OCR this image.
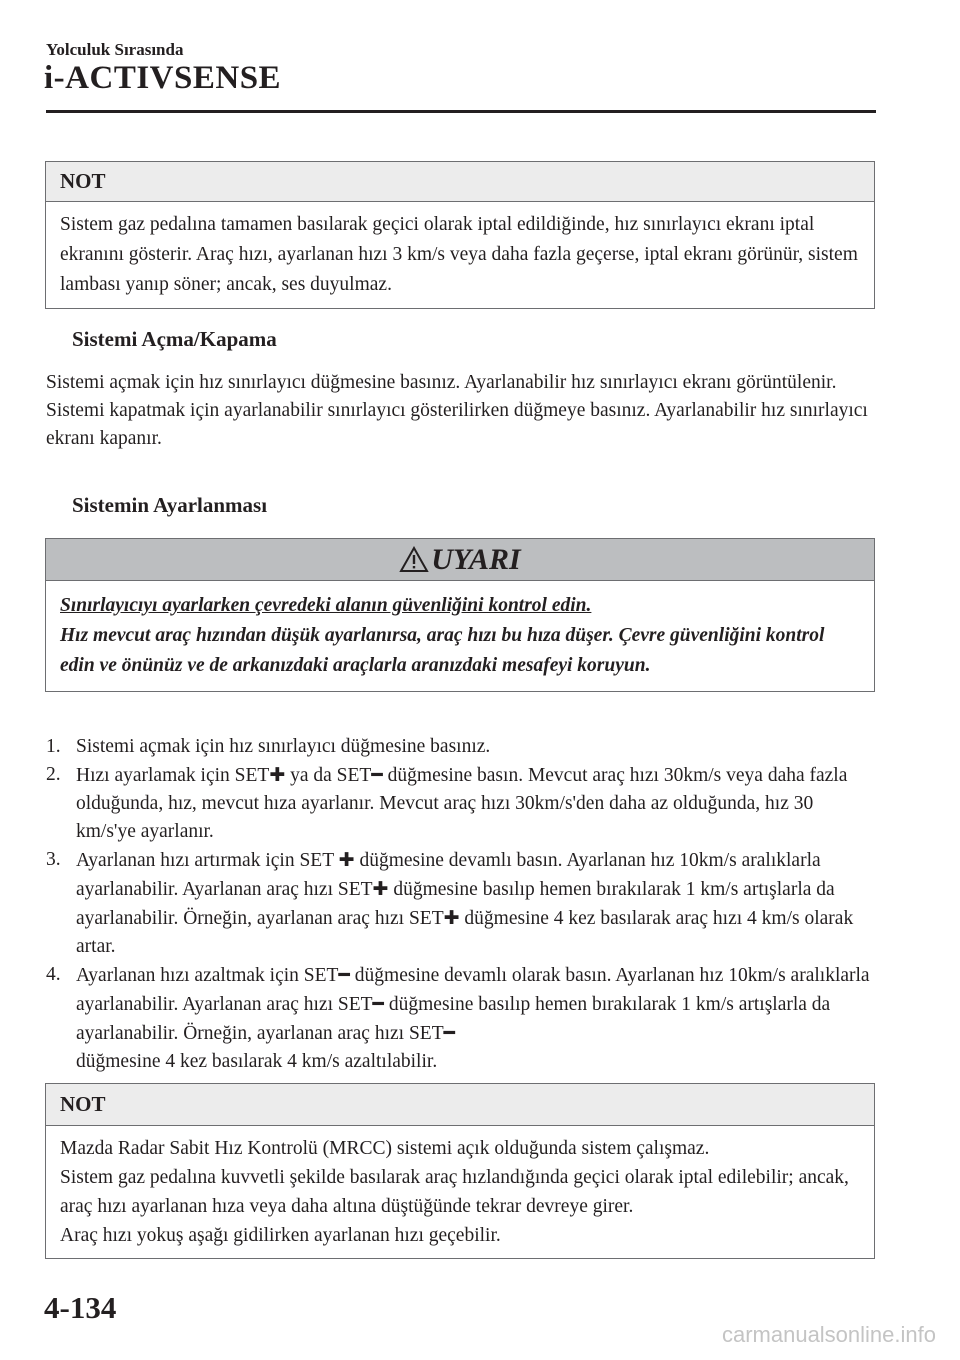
Yolculuk Sırasında
i-ACTIVSENSE
NOT

Sistem gaz pedalına tamamen basılarak geçici olarak iptal edildiğinde, hız sınırlayıcı ekranı iptal ekranını gösterir. Araç hızı, ayarlanan hızı 3 km/s veya daha fazla geçerse, iptal ekranı görünür, sistem lambası yanıp söner; ancak, ses duyulmaz.

Sistemi Açma/Kapama

Sistemi açmak için hız sınırlayıcı düğmesine basınız. Ayarlanabilir hız sınırlayıcı ekranı görüntülenir.

Sistemi kapatmak için ayarlanabilir sınırlayıcı gösterilirken düğmeye basınız. Ayarlanabilir hız sınırlayıcı ekranı kapanır.

Sistemin Ayarlanması
UYARI

Sınırlayıcıyı ayarlarken çevredeki alanın güvenliğini kontrol edin.

Hız mevcut araç hızından düşük ayarlanırsa, araç hızı bu hıza düşer. Çevre güvenliğini kontrol edin ve önünüz ve de arkanızdaki araçlarla aranızdaki mesafeyi koruyun.

1. Sistemi açmak için hız sınırlayıcı düğmesine basınız.
2. Hızı ayarlamak için SET✚ ya da SET━ düğmesine basın. Mevcut araç hızı 30km/s veya daha fazla olduğunda, hız, mevcut hıza ayarlanır. Mevcut araç hızı 30km/s'den daha az olduğunda, hız 30 km/s'ye ayarlanır.
3. Ayarlanan hızı artırmak için SET ✚ düğmesine devamlı basın. Ayarlanan hız 10km/s aralıklarla ayarlanabilir. Ayarlanan araç hızı SET✚ düğmesine basılıp hemen bırakılarak 1 km/s artışlarla da ayarlanabilir. Örneğin, ayarlanan araç hızı SET✚ düğmesine 4 kez basılarak araç hızı 4 km/s olarak artar.
4. Ayarlanan hızı azaltmak için SET━ düğmesine devamlı olarak basın. Ayarlanan hız 10km/s aralıklarla ayarlanabilir. Ayarlanan araç hızı SET━ düğmesine basılıp hemen bırakılarak 1 km/s artışlarla da ayarlanabilir. Örneğin, ayarlanan araç hızı SET━
düğmesine 4 kez basılarak 4 km/s azaltılabilir.
NOT

Mazda Radar Sabit Hız Kontrolü (MRCC) sistemi açık olduğunda sistem çalışmaz.

Sistem gaz pedalına kuvvetli şekilde basılarak araç hızlandığında geçici olarak iptal edilebilir; ancak, araç hızı ayarlanan hıza veya daha altına düştüğünde tekrar devreye girer.

Araç hızı yokuş aşağı gidilirken ayarlanan hızı geçebilir.

4-134
carmanualsonline.info
